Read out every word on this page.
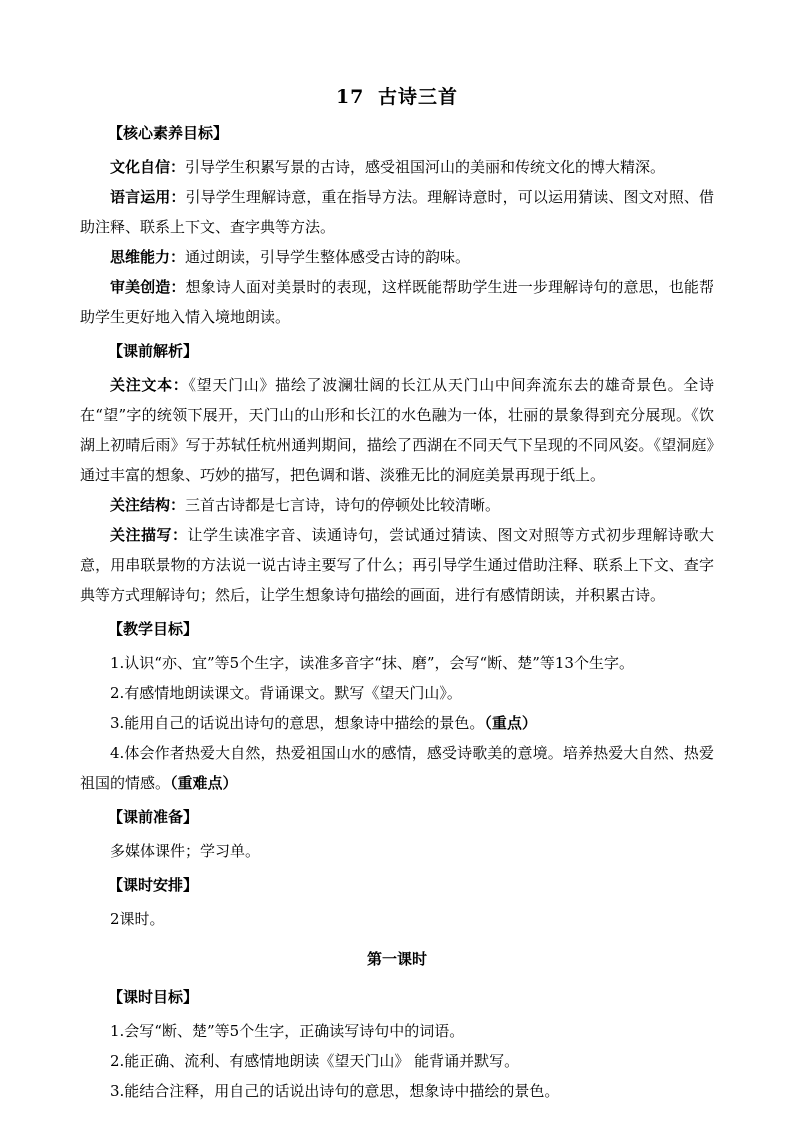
17 古诗三首
【核心素养目标】

文化自信：引导学生积累写景的古诗，感受祖国河山的美丽和传统文化的博大精深。

语言运用：引导学生理解诗意，重在指导方法。理解诗意时，可以运用猜读、图文对照、借助注释、联系上下文、查字典等方法。

思维能力：通过朗读，引导学生整体感受古诗的韵味。

审美创造：想象诗人面对美景时的表现，这样既能帮助学生进一步理解诗句的意思，也能帮助学生更好地入情入境地朗读。

【课前解析】

关注文本：《望天门山》描绘了波澜壮阔的长江从天门山中间奔流东去的雄奇景色。全诗在“望”字的统领下展开，天门山的山形和长江的水色融为一体，壮丽的景象得到充分展现。《饮湖上初晴后雨》写于苏轼任杭州通判期间，描绘了西湖在不同天气下呈现的不同风姿。《望洞庭》通过丰富的想象、巧妙的描写，把色调和谐、淡雅无比的洞庭美景再现于纸上。

关注结构：三首古诗都是七言诗，诗句的停顿处比较清晰。

关注描写：让学生读准字音、读通诗句，尝试通过猜读、图文对照等方式初步理解诗歌大意，用串联景物的方法说一说古诗主要写了什么；再引导学生通过借助注释、联系上下文、查字典等方式理解诗句；然后，让学生想象诗句描绘的画面，进行有感情朗读，并积累古诗。

【教学目标】

1.认识“亦、宜”等5个生字，读准多音字“抹、磨”，会写“断、楚”等13个生字。

2.有感情地朗读课文。背诵课文。默写《望天门山》。

3.能用自己的话说出诗句的意思，想象诗中描绘的景色。（重点）

4.体会作者热爱大自然，热爱祖国山水的感情，感受诗歌美的意境。培养热爱大自然、热爱祖国的情感。（重难点）

【课前准备】

多媒体课件；学习单。

【课时安排】

2课时。

第一课时
【课时目标】

1.会写“断、楚”等5个生字，正确读写诗句中的词语。

2.能正确、流利、有感情地朗读《望天门山》 能背诵并默写。

3.能结合注释，用自己的话说出诗句的意思，想象诗中描绘的景色。
